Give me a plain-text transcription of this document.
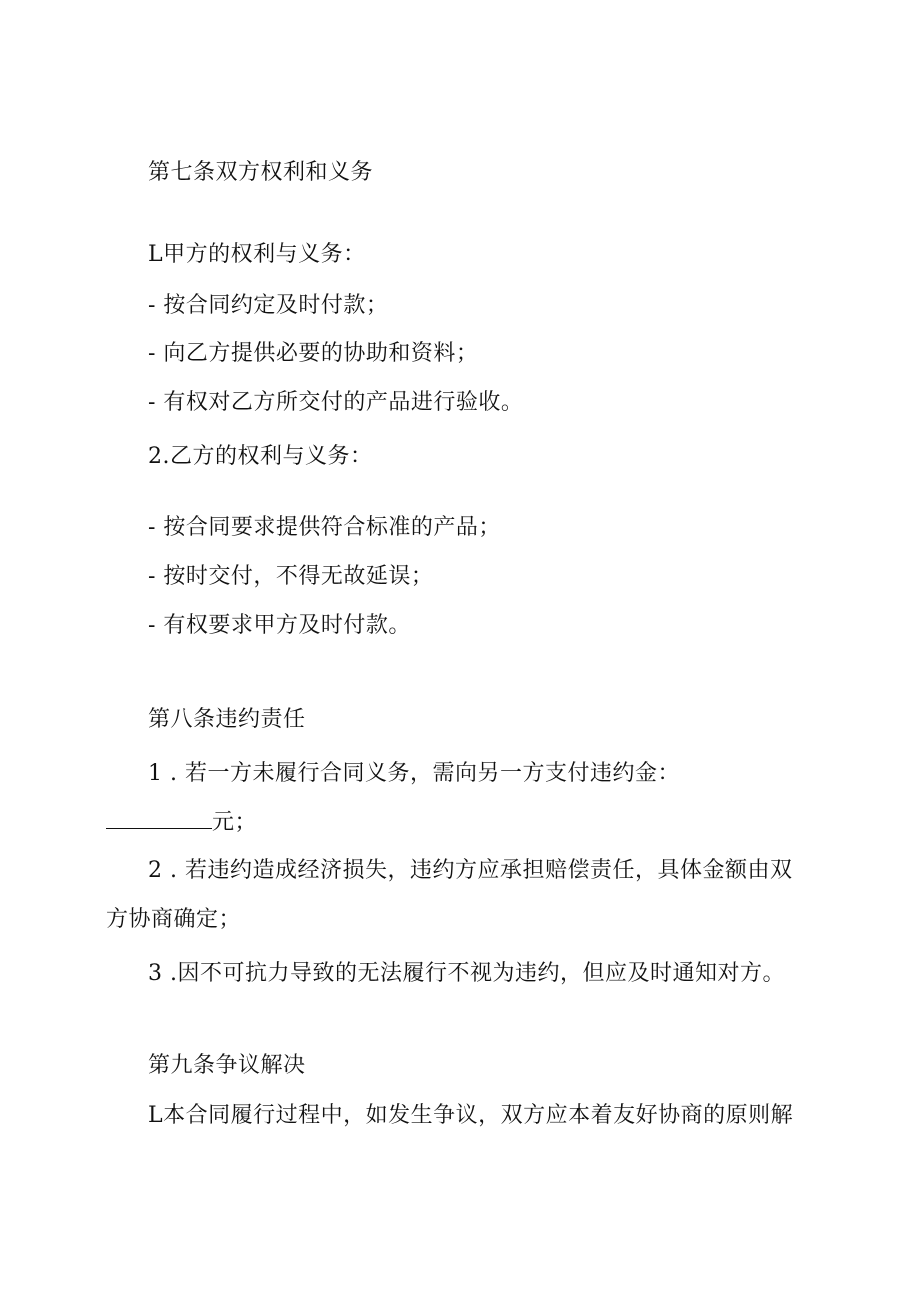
第七条双方权利和义务
L甲方的权利与义务：
- 按合同约定及时付款；
- 向乙方提供必要的协助和资料；
- 有权对乙方所交付的产品进行验收。
2.乙方的权利与义务：
- 按合同要求提供符合标准的产品；
- 按时交付，不得无故延误；
- 有权要求甲方及时付款。
第八条违约责任
1 . 若一方未履行合同义务，需向另一方支付违约金：
元；
2 . 若违约造成经济损失，违约方应承担赔偿责任，具体金额由双
方协商确定；
3 .因不可抗力导致的无法履行不视为违约，但应及时通知对方。
第九条争议解决
L本合同履行过程中，如发生争议，双方应本着友好协商的原则解
